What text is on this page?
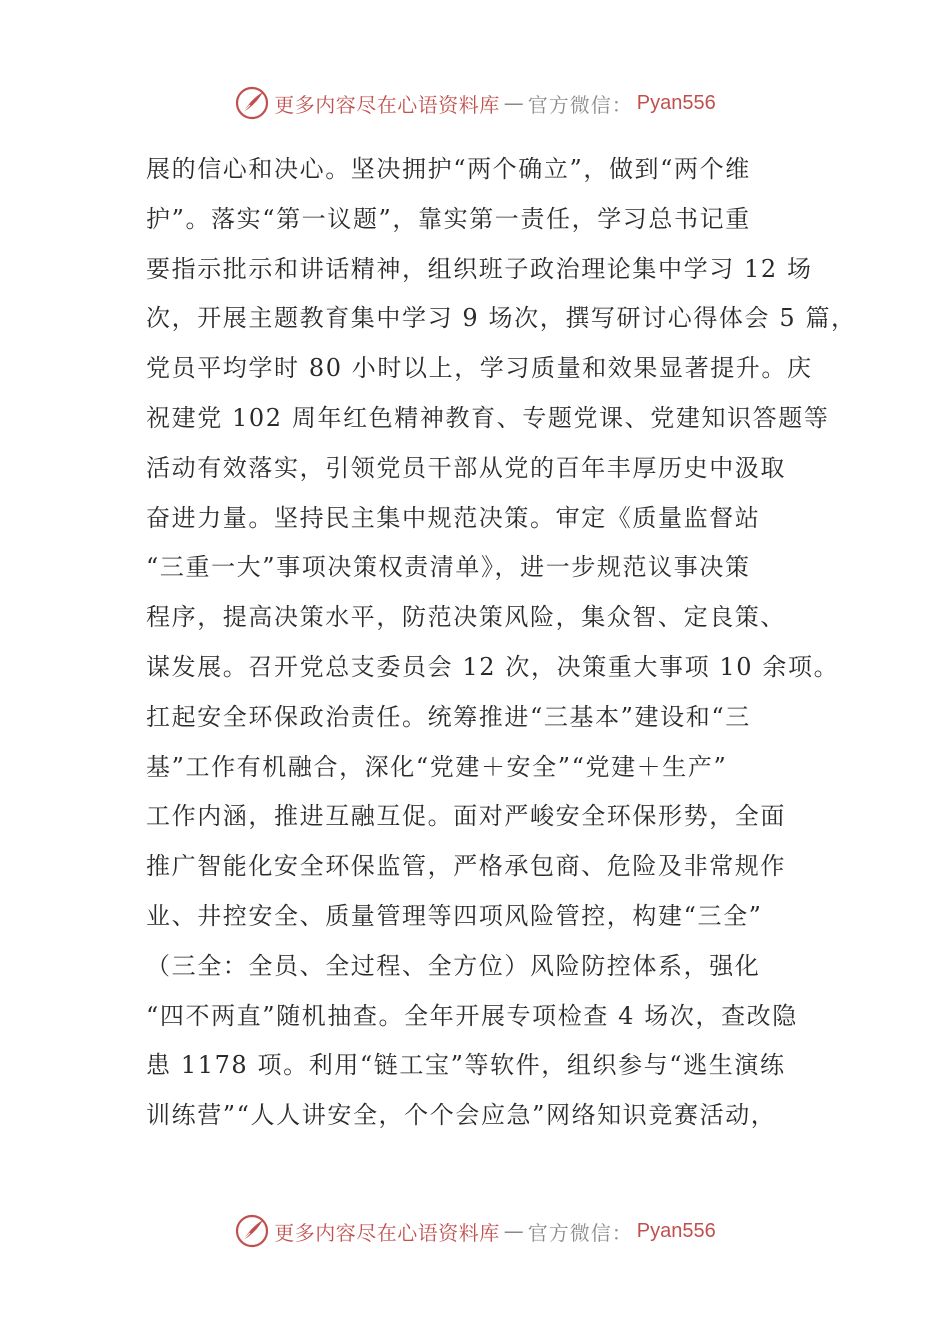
更多内容尽在心语资料库 — 官方微信： Pyan556
展的信心和决心。坚决拥护“两个确立”，做到“两个维
护”。落实“第一议题”，靠实第一责任，学习总书记重
要指示批示和讲话精神，组织班子政治理论集中学习 12 场
次，开展主题教育集中学习 9 场次，撰写研讨心得体会 5 篇，
党员平均学时 80 小时以上，学习质量和效果显著提升。庆
祝建党 102 周年红色精神教育、专题党课、党建知识答题等
活动有效落实，引领党员干部从党的百年丰厚历史中汲取
奋进力量。坚持民主集中规范决策。审定《质量监督站
“三重一大”事项决策权责清单》，进一步规范议事决策
程序，提高决策水平，防范决策风险，集众智、定良策、
谋发展。召开党总支委员会 12 次，决策重大事项 10 余项。
扛起安全环保政治责任。统筹推进“三基本”建设和“三
基”工作有机融合，深化“党建＋安全”“党建＋生产”
工作内涵，推进互融互促。面对严峻安全环保形势，全面
推广智能化安全环保监管，严格承包商、危险及非常规作
业、井控安全、质量管理等四项风险管控，构建“三全”
（三全：全员、全过程、全方位）风险防控体系，强化
“四不两直”随机抽查。全年开展专项检查 4 场次，查改隐
患 1178 项。利用“链工宝”等软件，组织参与“逃生演练
训练营”“人人讲安全，个个会应急”网络知识竞赛活动，
更多内容尽在心语资料库 — 官方微信： Pyan556
